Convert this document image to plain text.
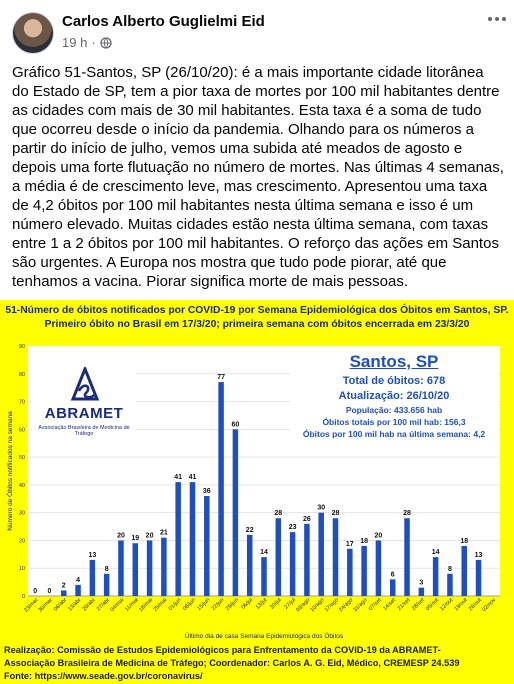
Carlos Alberto Guglielmi Eid
19 h ·
Gráfico 51-Santos, SP (26/10/20): é a mais importante cidade litorânea do Estado de SP, tem a pior taxa de mortes por 100 mil habitantes dentre as cidades com mais de 30 mil habitantes. Esta taxa é a soma de tudo que ocorreu desde o início da pandemia. Olhando para os números a partir do início de julho, vemos uma subida até meados de agosto e depois uma forte flutuação no número de mortes. Nas últimas 4 semanas, a média é de crescimento leve, mas crescimento. Apresentou uma taxa de 4,2 óbitos por 100 mil habitantes nesta última semana e isso é um número elevado. Muitas cidades estão nesta última semana, com taxas entre 1 a 2 óbitos por 100 mil habitantes. O reforço das ações em Santos são urgentes. A Europa nos mostra que tudo pode piorar, até que tenhamos a vacina. Piorar significa morte de mais pessoas.
0
10
20
30
40
50
60
70
80
90
0
23/mar
0
30/mar
2
06/abr
4
13/abr
13
20/abr
8
27/abr
20
04/mai
19
11/mai
20
18/mai
21
25/mai
41
01/jun
41
08/jun
36
15/jun
77
22/jun
60
29/jun
22
06/jul
14
13/jul
28
20/jul
23
27/jul
26
03/ago
30
10/ago
28
17/ago
17
24/ago
18
31/ago
20
07/set
6
14/set
28
21/set
3
28/set
14
05/out
8
12/out
18
19/out
13
26/out
02/nov
Último dia de casa Semana Epidemiológica dos Óbitos
Número de Óbitos notificados na semana
51-Número de óbitos notificados por COVID-19 por Semana Epidemiológica dos Óbitos em Santos, SP.
Primeiro óbito no Brasil em 17/3/20; primeira semana com óbitos encerrada em 23/3/20
ABRAMET
Associação Brasileira de Medicina de Tráfego
Santos, SP
Total de óbitos: 678
Atualização: 26/10/20
População: 433.656 hab
Óbitos totais por 100 mil hab: 156,3
Óbitos por 100 mil hab na última semana: 4,2
Realização: Comissão de Estudos Epidemiológicos para Enfrentamento da COVID-19 da ABRAMET-
Associação Brasileira de Medicina de Tráfego; Coordenador: Carlos A. G. Eid, Médico, CREMESP 24.539
Fonte: https://www.seade.gov.br/coronavirus/
